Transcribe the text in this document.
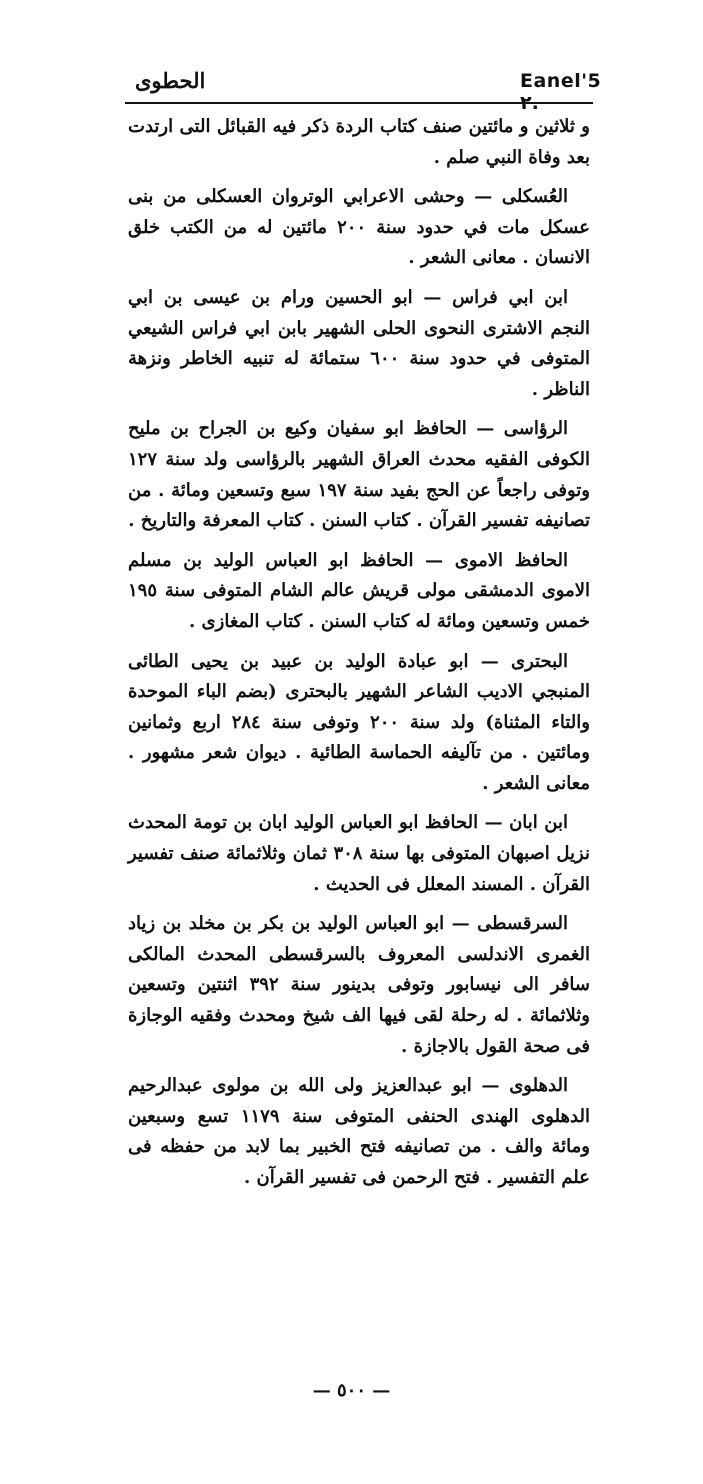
Eanel'5 ٢.
الحطوى

و ثلاثين و مائتين صنف كتاب الردة ذكر فيه القبائل التى ارتدت بعد وفاة النبي صلم .

العُسكلى — وحشى الاعرابي الوتروان العسكلى من بنى عسكل مات في حدود سنة ٢٠٠ مائتين له من الكتب خلق الانسان . معانى الشعر .

ابن ابي فراس — ابو الحسين ورام بن عيسى بن ابي النجم الاشترى النحوى الحلى الشهير بابن ابي فراس الشيعي المتوفى في حدود سنة ٦٠٠ ستمائة له تنبيه الخاطر ونزهة الناظر .

الرؤاسى — الحافظ ابو سفيان وكيع بن الجراح بن مليح الكوفى الفقيه محدث العراق الشهير بالرؤاسى ولد سنة ١٢٧ وتوفى راجعاً عن الحج بفيد سنة ١٩٧ سبع وتسعين ومائة . من تصانيفه تفسير القرآن . كتاب السنن . كتاب المعرفة والتاريخ .

الحافظ الاموى — الحافظ ابو العباس الوليد بن مسلم الاموى الدمشقى مولى قريش عالم الشام المتوفى سنة ١٩٥ خمس وتسعين ومائة له كتاب السنن . كتاب المغازى .

البحترى — ابو عبادة الوليد بن عبيد بن يحيى الطائى المنبجي الاديب الشاعر الشهير بالبحترى (بضم الباء الموحدة والتاء المثناة) ولد سنة ٢٠٠ وتوفى سنة ٢٨٤ اربع وثمانين ومائتين . من تآليفه الحماسة الطائية . ديوان شعر مشهور . معانى الشعر .

ابن ابان — الحافظ ابو العباس الوليد ابان بن تومة المحدث نزيل اصبهان المتوفى بها سنة ٣٠٨ ثمان وثلاثمائة صنف تفسير القرآن . المسند المعلل فى الحديث .

السرقسطى — ابو العباس الوليد بن بكر بن مخلد بن زياد الغمرى الاندلسى المعروف بالسرقسطى المحدث المالكى سافر الى نيسابور وتوفى بدينور سنة ٣٩٢ اثنتين وتسعين وثلاثمائة . له رحلة لقى فيها الف شيخ ومحدث وفقيه الوجازة فى صحة القول بالاجازة .

الدهلوى — ابو عبدالعزيز ولى الله بن مولوى عبدالرحيم الدهلوى الهندى الحنفى المتوفى سنة ١١٧٩ تسع وسبعين ومائة والف . من تصانيفه فتح الخبير بما لابد من حفظه فى علم التفسير . فتح الرحمن فى تفسير القرآن .

— ٥٠٠ —
